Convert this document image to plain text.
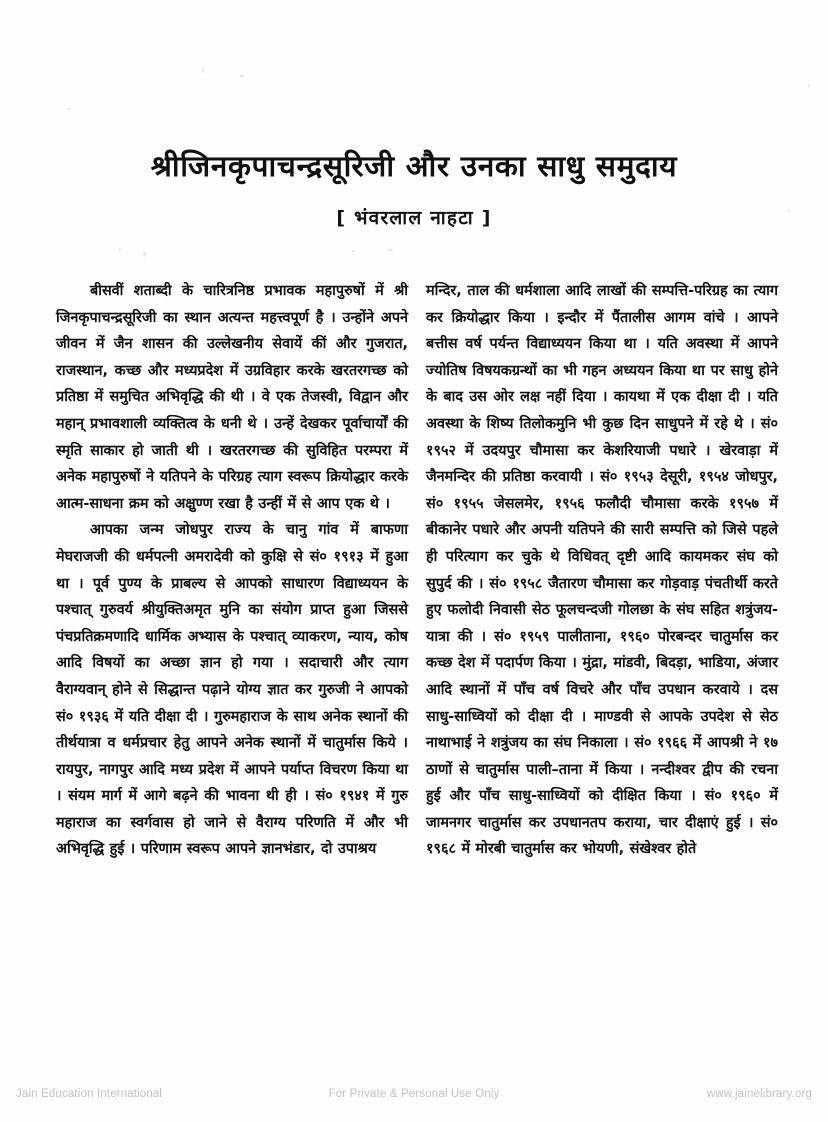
श्रीजिनकृपाचन्द्रसूरिजी और उनका साधु समुदाय
[ भंवरलाल नाहटा ]

बीसवीं शताब्दी के चारित्रनिष्ठ प्रभावक महापुरुषों में श्री जिनकृपाचन्द्रसूरिजी का स्थान अत्यन्त महत्त्वपूर्ण है । उन्होंने अपने जीवन में जैन शासन की उल्लेखनीय सेवायें कीं और गुजरात, राजस्थान, कच्छ और मध्यप्रदेश में उग्रविहार करके खरतरगच्छ को प्रतिष्ठा में समुचित अभिवृद्धि की थी । वे एक तेजस्वी, विद्वान और महान् प्रभावशाली व्यक्तित्व के धनी थे । उन्हें देखकर पूर्वाचार्यों की स्मृति साकार हो जाती थी । खरतरगच्छ की सुविहित परम्परा में अनेक महापुरुषों ने यतिपने के परिग्रह त्याग स्वरूप क्रियोद्धार करके आत्म-साधना क्रम को अक्षुण्ण रखा है उन्हीं में से आप एक थे ।

आपका जन्म जोधपुर राज्य के चानु गांव में बाफणा मेघराजजी की धर्मपत्नी अमरादेवी को कुक्षि से सं० १९१३ में हुआ था । पूर्व पुण्य के प्राबल्य से आपको साधारण विद्याध्ययन के पश्चात् गुरुवर्य श्रीयुक्तिअमृत मुनि का संयोग प्राप्त हुआ जिससे पंचप्रतिक्रमणादि धार्मिक अभ्यास के पश्चात् व्याकरण, न्याय, कोष आदि विषयों का अच्छा ज्ञान हो गया । सदाचारी और त्याग वैराग्यवान् होने से सिद्धान्त पढ़ाने योग्य ज्ञात कर गुरुजी ने आपको सं० १९३६ में यति दीक्षा दी । गुरुमहाराज के साथ अनेक स्थानों की तीर्थयात्रा व धर्मप्रचार हेतु आपने अनेक स्थानों में चातुर्मास किये । रायपुर, नागपुर आदि मध्य प्रदेश में आपने पर्याप्त विचरण किया था । संयम मार्ग में आगे बढ़ने की भावना थी ही । सं० १९४१ में गुरु महाराज का स्वर्गवास हो जाने से वैराग्य परिणति में और भी अभिवृद्धि हुई । परिणाम स्वरूप आपने ज्ञानभंडार, दो उपाश्रय

मन्दिर, ताल की धर्मशाला आदि लाखों की सम्पत्ति-परिग्रह का त्याग कर क्रियोद्धार किया । इन्दौर में पैंतालीस आगम वांचे । आपने बत्तीस वर्ष पर्यन्त विद्याध्ययन किया था । यति अवस्था में आपने ज्योतिष विषयकग्रन्थों का भी गहन अध्ययन किया था पर साधु होने के बाद उस ओर लक्ष नहीं दिया । कायथा में एक दीक्षा दी । यति अवस्था के शिष्य तिलोकमुनि भी कुछ दिन साधुपने में रहे थे । सं० १९५२ में उदयपुर चौमासा कर केशरियाजी पधारे । खेरवाड़ा में जैनमन्दिर की प्रतिष्ठा करवायी । सं० १९५३ देसूरी, १९५४ जोधपुर, सं० १९५५ जेसलमेर, १९५६ फलौदी चौमासा करके १९५७ में बीकानेर पधारे और अपनी यतिपने की सारी सम्पत्ति को जिसे पहले ही परित्याग कर चुके थे विधिवत् दृष्टी आदि कायमकर संघ को सुपुर्द की । सं० १९५८ जैतारण चौमासा कर गोड़वाड़ पंचतीर्थी करते हुए फलोदी निवासी सेठ फूलचन्दजी गोलछा के संघ सहित शत्रुंजय-यात्रा की । सं० १९५९ पालीताना, १९६० पोरबन्दर चातुर्मास कर कच्छ देश में पदार्पण किया । मुंद्रा, मांडवी, बिदड़ा, भाडिया, अंजार आदि स्थानों में पाँच वर्ष विचरे और पाँच उपधान करवाये । दस साधु-साध्वियों को दीक्षा दी । माण्डवी से आपके उपदेश से सेठ नाथाभाई ने शत्रुंजय का संघ निकाला । सं० १९६६ में आपश्री ने १७ ठाणों से चातुर्मास पाली–ताना में किया । नन्दीश्वर द्वीप की रचना हुई और पाँच साधु-साध्वियों को दीक्षित किया । सं० १९६० में जामनगर चातुर्मास कर उपधानतप कराया, चार दीक्षाएं हुई । सं० १९६८ में मोरबी चातुर्मास कर भोयणी, संखेश्वर होते

Jain Education International	For Private & Personal Use Only	www.jainelibrary.org
